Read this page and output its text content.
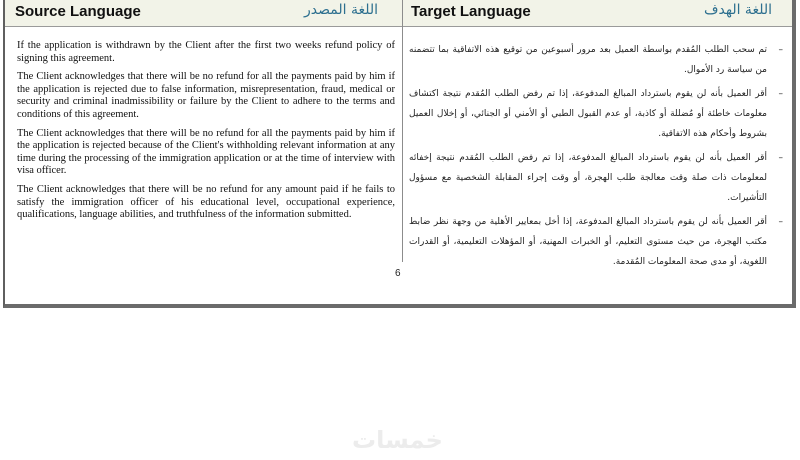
Source Language	اللغة المصدر Target Language	اللغة الهدف

If the application is withdrawn by the Client after the first two weeks refund policy of signing this agreement.

The Client acknowledges that there will be no refund for all the payments paid by him if the application is rejected due to false information, misrepresentation, fraud, medical or security and criminal inadmissibility or failure by the Client to adhere to the terms and conditions of this agreement.

The Client acknowledges that there will be no refund for all the payments paid by him if the application is rejected because of the Client's withholding relevant information at any time during the processing of the immigration application or at the time of interview with visa officer.

The Client acknowledges that there will be no refund for any amount paid if he fails to satisfy the immigration officer of his educational level, occupational experience, qualifications, language abilities, and truthfulness of the information submitted.

–
تم سحب الطلب المُقدم بواسطة العميل بعد مرور أسبوعين من توقيع هذه الاتفاقية بما تتضمنه من سياسة رد الأموال.
–
أقر العميل بأنه لن يقوم باسترداد المبالغ المدفوعة، إذا تم رفض الطلب المُقدم نتيجة اكتشاف معلومات خاطئة أو مُضللة أو كاذبة، أو عدم القبول الطبي أو الأمني أو الجنائي، أو إخلال العميل بشروط وأحكام هذه الاتفاقية.
–
أقر العميل بأنه لن يقوم باسترداد المبالغ المدفوعة، إذا تم رفض الطلب المُقدم نتيجة إخفائه لمعلومات ذات صلة وقت معالجة طلب الهجرة، أو وقت إجراء المقابلة الشخصية مع مسؤول التأشيرات.
–
أقر العميل بأنه لن يقوم باسترداد المبالغ المدفوعة، إذا أخل بمعايير الأهلية من وجهة نظر ضابط مكتب الهجرة، من حيث مستوى التعليم، أو الخبرات المهنية، أو المؤهلات التعليمية، أو القدرات اللغوية، أو مدى صحة المعلومات المُقدمة.
6
خمسات
